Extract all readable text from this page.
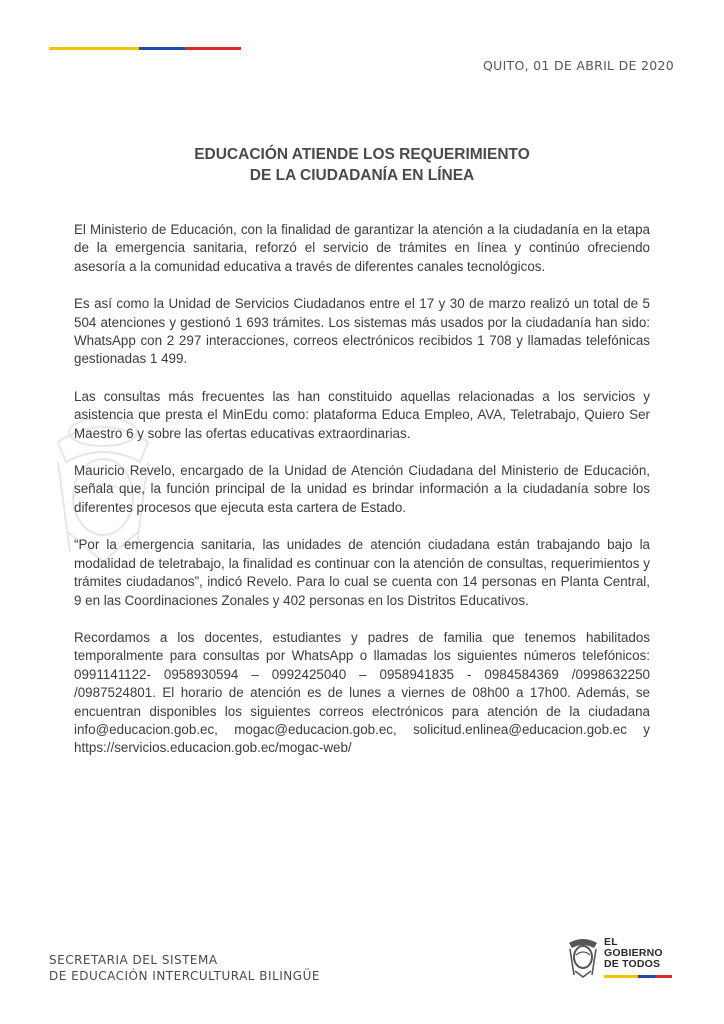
QUITO, 01 DE ABRIL DE 2020
EDUCACIÓN ATIENDE LOS REQUERIMIENTO
DE LA CIUDADANÍA EN LÍNEA

El Ministerio de Educación, con la finalidad de garantizar la atención a la ciudadanía en la etapa de la emergencia sanitaria, reforzó el servicio de trámites en línea y continúo ofreciendo asesoría a la comunidad educativa a través de diferentes canales tecnológicos.

Es así como la Unidad de Servicios Ciudadanos entre el 17 y 30 de marzo realizó un total de 5 504 atenciones y gestionó 1 693 trámites. Los sistemas más usados por la ciudadanía han sido: WhatsApp con 2 297 interacciones, correos electrónicos recibidos 1 708 y llamadas telefónicas gestionadas 1 499.

Las consultas más frecuentes las han constituido aquellas relacionadas a los servicios y asistencia que presta el MinEdu como: plataforma Educa Empleo, AVA, Teletrabajo, Quiero Ser Maestro 6 y sobre las ofertas educativas extraordinarias.

Mauricio Revelo, encargado de la Unidad de Atención Ciudadana del Ministerio de Educación, señala que, la función principal de la unidad es brindar información a la ciudadanía sobre los diferentes procesos que ejecuta esta cartera de Estado.

“Por la emergencia sanitaria, las unidades de atención ciudadana están trabajando bajo la modalidad de teletrabajo, la finalidad es continuar con la atención de consultas, requerimientos y trámites ciudadanos”, indicó Revelo. Para lo cual se cuenta con 14 personas en Planta Central, 9 en las Coordinaciones Zonales y 402 personas en los Distritos Educativos.

Recordamos a los docentes, estudiantes y padres de familia que tenemos habilitados temporalmente para consultas por WhatsApp o llamadas los siguientes números telefónicos: 0991141122- 0958930594 – 0992425040 – 0958941835 - 0984584369 /0998632250 /0987524801. El horario de atención es de lunes a viernes de 08h00 a 17h00. Además, se encuentran disponibles los siguientes correos electrónicos para atención de la ciudadana info@educacion.gob.ec, mogac@educacion.gob.ec, solicitud.enlinea@educacion.gob.ec y https://servicios.educacion.gob.ec/mogac-web/

SECRETARIA DEL SISTEMA
DE EDUCACIÓN INTERCULTURAL BILINGÜE
EL
GOBIERNO
DE TODOS
